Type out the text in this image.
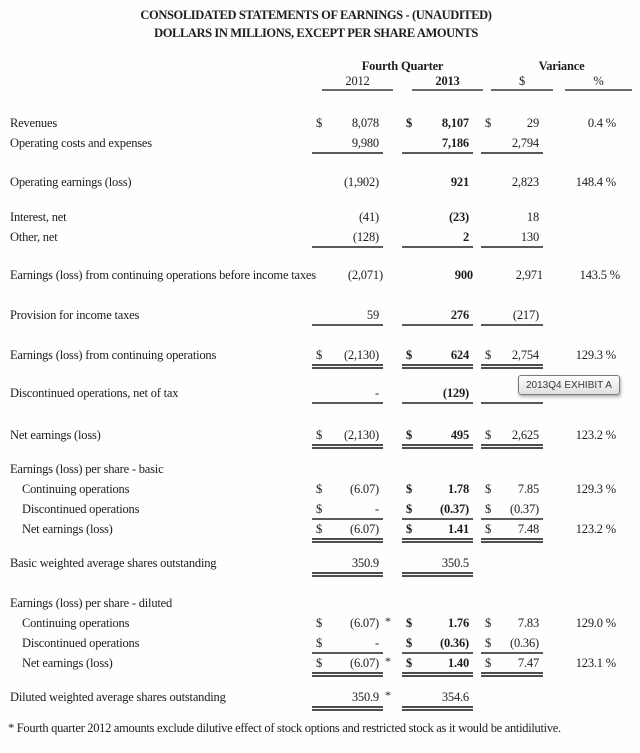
CONSOLIDATED STATEMENTS OF EARNINGS - (UNAUDITED)
DOLLARS IN MILLIONS, EXCEPT PER SHARE AMOUNTS
Fourth Quarter	Variance
2012	2013	$	%
Revenues	$ 8,078	$ 8,107	$	29	0.4 %
Operating costs and expenses	9,980	7,186	2,794
Operating earnings (loss)	(1,902)	921	2,823	148.4 %
Interest, net	(41)	(23)	18
Other, net	(128)	2	130
Earnings (loss) from continuing operations before income taxes	(2,071)	900	2,971	143.5 %
Provision for income taxes	59	276	(217)
Earnings (loss) from continuing operations	$ (2,130)	$	624	$ 2,754	129.3 %
Discontinued operations, net of tax	-	(129)
Net earnings (loss)	$ (2,130)	$	495	$ 2,625	123.2 %
Earnings (loss) per share - basic
Continuing operations	$ (6.07)	$	1.78	$ 7.85	129.3 %
Discontinued operations	$	-	$ (0.37)	$ (0.37)
Net earnings (loss)	$ (6.07)	$	1.41	$ 7.48	123.2 %
Basic weighted average shares outstanding	350.9	350.5
Earnings (loss) per share - diluted
Continuing operations	$ (6.07) *	$	1.76	$ 7.83	129.0 %
Discontinued operations	$	-	$ (0.36)	$ (0.36)
Net earnings (loss)	$ (6.07) *	$	1.40	$ 7.47	123.1 %
Diluted weighted average shares outstanding	350.9 *	354.6
* Fourth quarter 2012 amounts exclude dilutive effect of stock options and restricted stock as it would be antidilutive.
2013Q4 EXHIBIT A
